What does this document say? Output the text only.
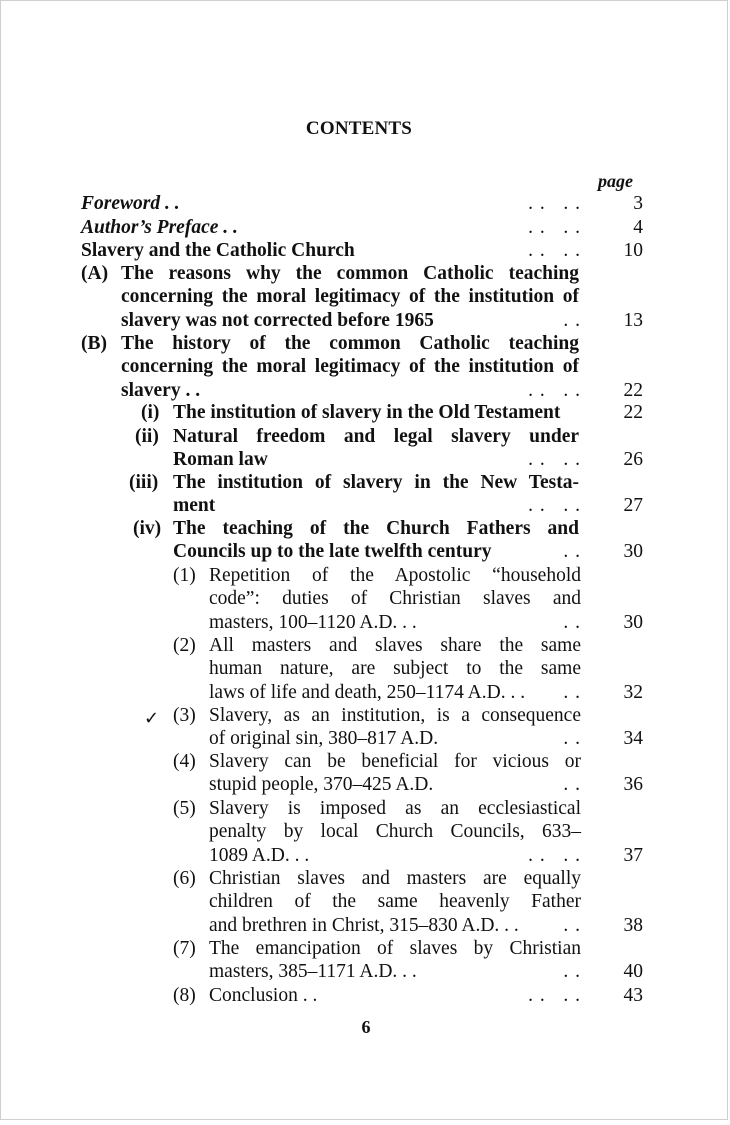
CONTENTS
page
Foreword . .	. .   . .	3
Author’s Preface . .	. .   . .	4
Slavery and the Catholic Church	. .   . .	10
(A) The reasons why the common Catholic teaching
concerning the moral legitimacy of the institution of
slavery was not corrected before 1965	. .	13
(B) The history of the common Catholic teaching
concerning the moral legitimacy of the institution of
slavery . .	. .   . .	22
(i) The institution of slavery in the Old Testament	22
(ii) Natural freedom and legal slavery under
Roman law	. .   . .	26
(iii) The institution of slavery in the New Testa-
ment	. .   . .	27
(iv) The teaching of the Church Fathers and
Councils up to the late twelfth century	. .	30
(1) Repetition of the Apostolic “household
code”: duties of Christian slaves and
masters, 100–1120 A.D. . .	. .	30
(2) All masters and slaves share the same
human nature, are subject to the same
laws of life and death, 250–1174 A.D. . .	. .	32
(3) Slavery, as an institution, is a consequence
of original sin, 380–817 A.D.	. .	34
(4) Slavery can be beneficial for vicious or
stupid people, 370–425 A.D.	. .	36
(5) Slavery is imposed as an ecclesiastical
penalty by local Church Councils, 633–
1089 A.D. . .	. .   . .	37
(6) Christian slaves and masters are equally
children of the same heavenly Father
and brethren in Christ, 315–830 A.D. . .	. .	38
(7) The emancipation of slaves by Christian
masters, 385–1171 A.D. . .	. .	40
(8) Conclusion . .	. .   . .	43
✓
6
